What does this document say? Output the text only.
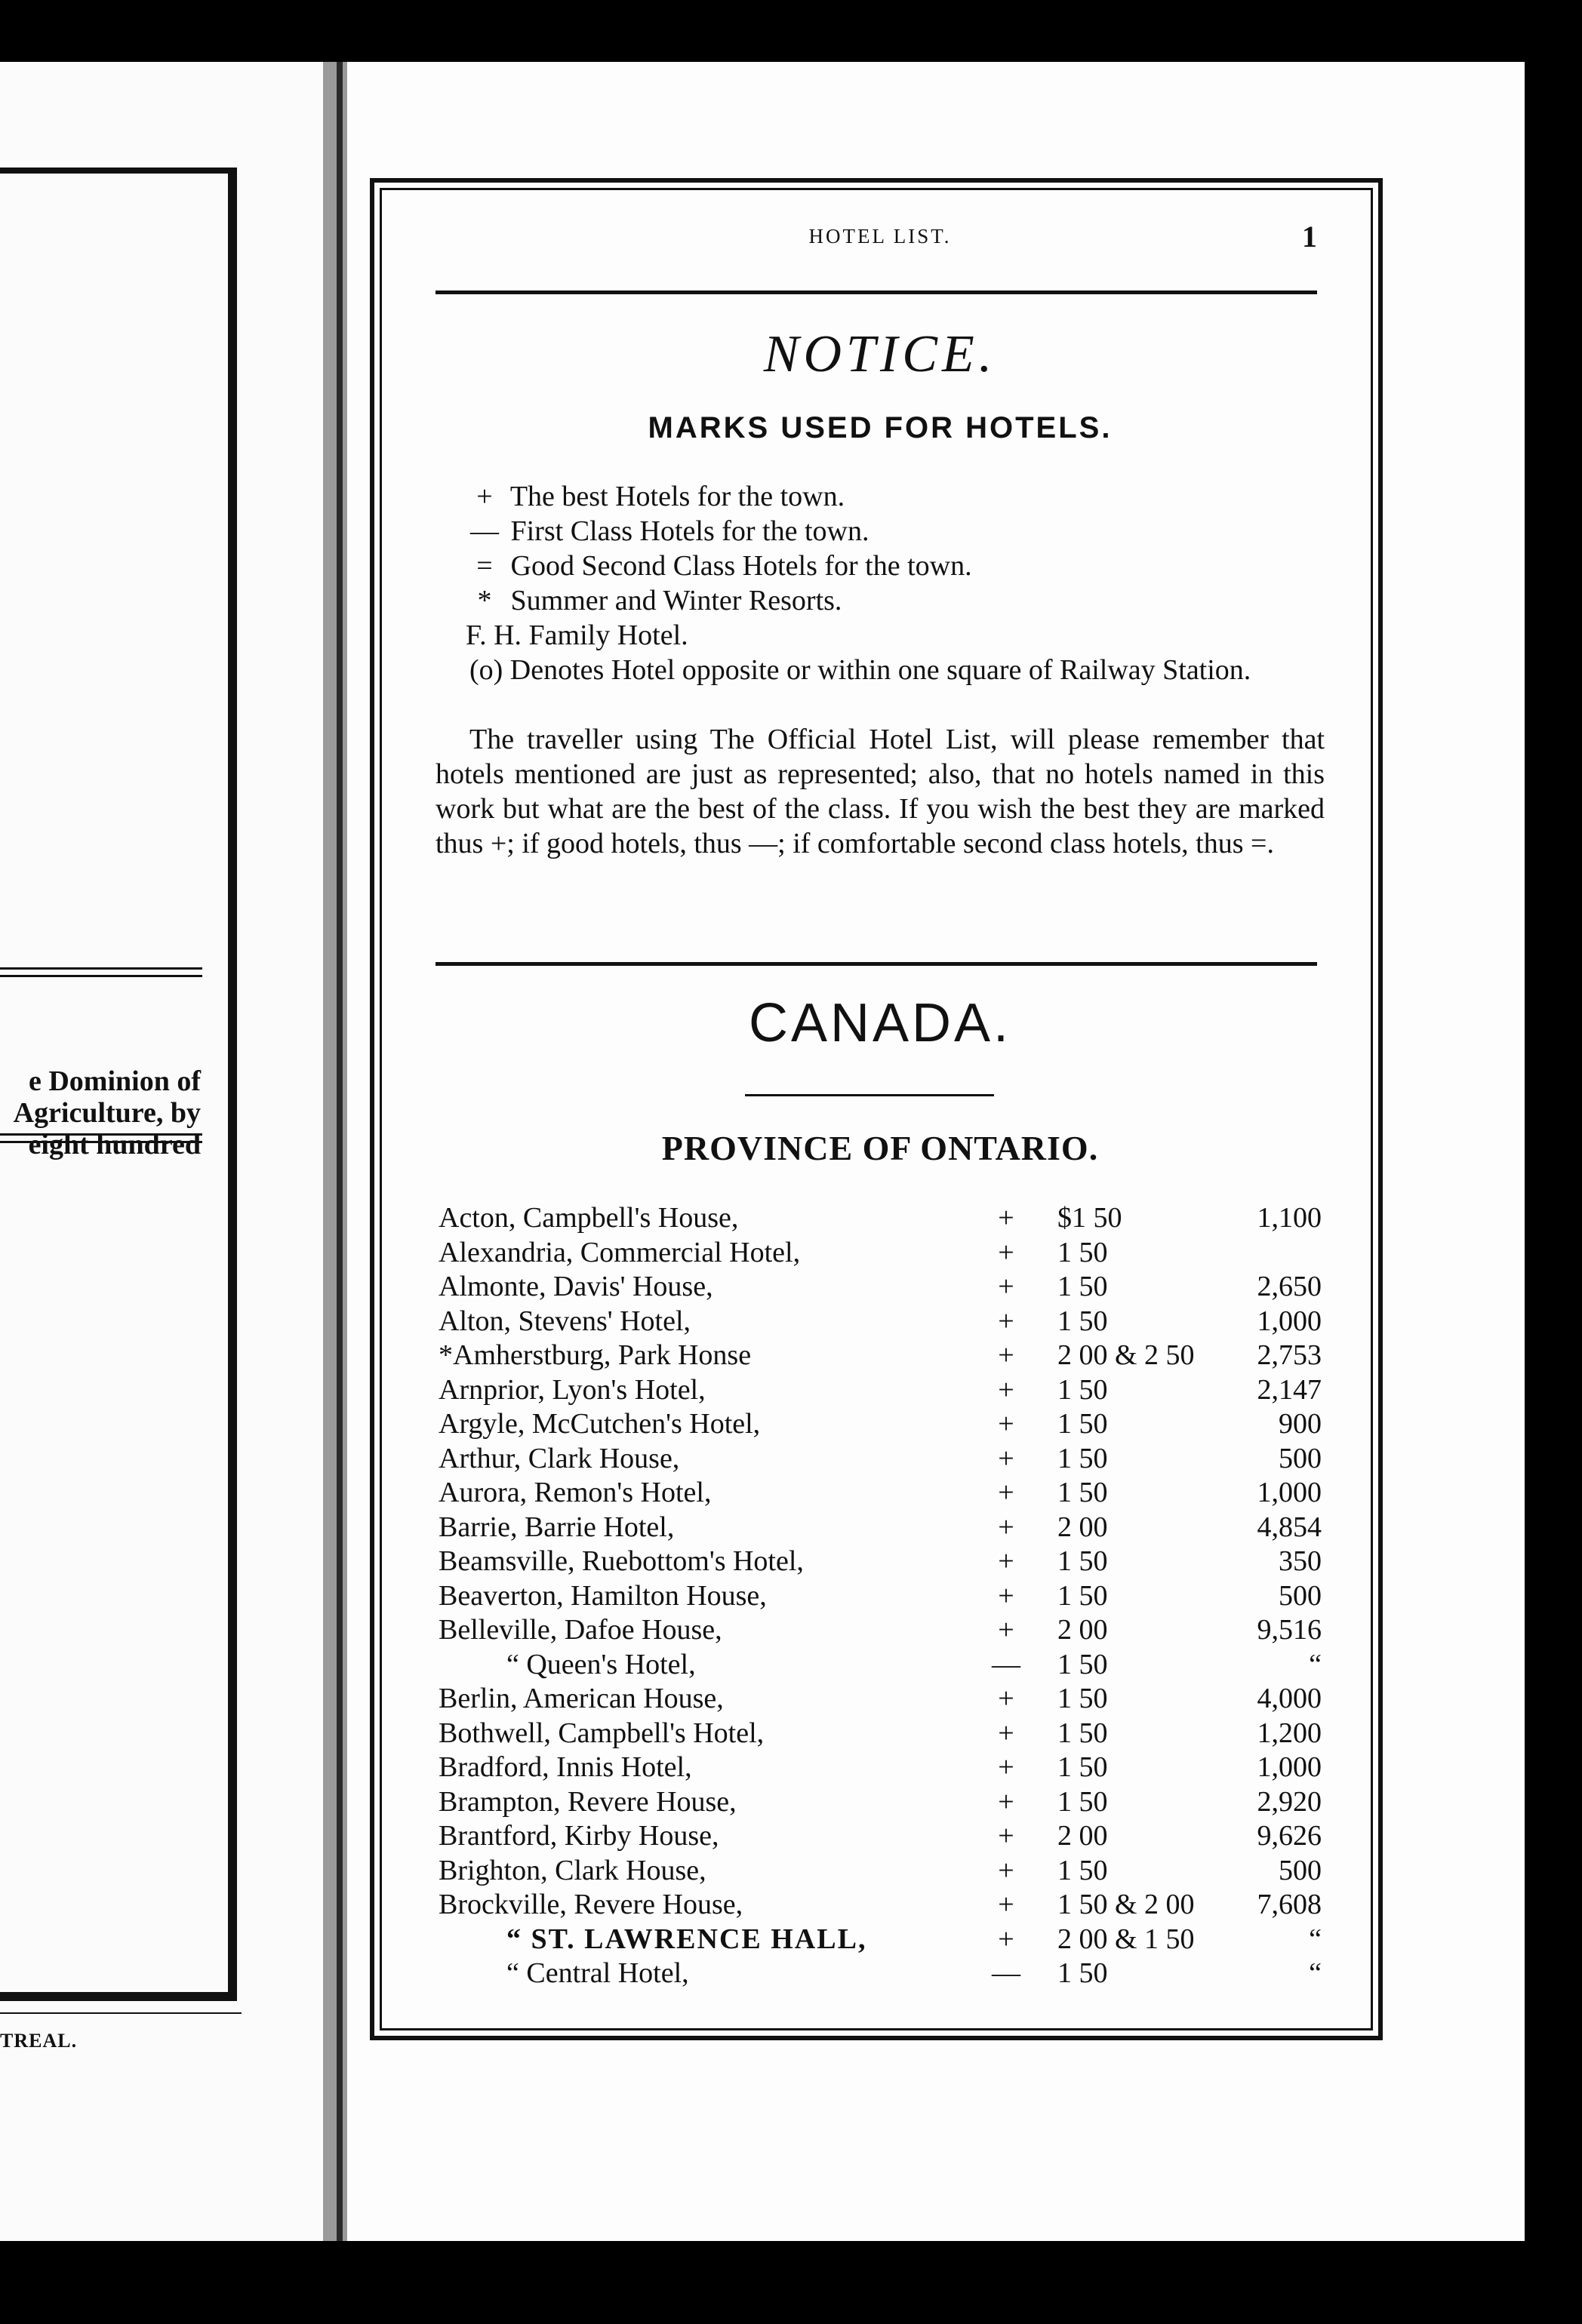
e Dominion of
Agriculture, by
eight hundred
TREAL.
HOTEL LIST.	1
NOTICE.
MARKS USED FOR HOTELS.
+ The best Hotels for the town.
— First Class Hotels for the town.
= Good Second Class Hotels for the town.
* Summer and Winter Resorts.
F. H. Family Hotel.
(o) Denotes Hotel opposite or within one square of Railway Station.
The traveller using The Official Hotel List, will please remember that hotels mentioned are just as represented; also, that no hotels named in this work but what are the best of the class. If you wish the best they are marked thus +; if good hotels, thus —; if comfortable second class hotels, thus =.
CANADA.
PROVINCE OF ONTARIO.
Acton, Campbell's House,	+ $1 50	1,100
Alexandria, Commercial Hotel,	+ 1 50
Almonte, Davis' House,	+ 1 50	2,650
Alton, Stevens' Hotel,	+ 1 50	1,000
*Amherstburg, Park Honse	+ 2 00 & 2 50 2,753
Arnprior, Lyon's Hotel,	+ 1 50	2,147
Argyle, McCutchen's Hotel,	+ 1 50	900
Arthur, Clark House,	+ 1 50	500
Aurora, Remon's Hotel,	+ 1 50	1,000
Barrie, Barrie Hotel,	+ 2 00	4,854
Beamsville, Ruebottom's Hotel,	+ 1 50	350
Beaverton, Hamilton House,	+ 1 50	500
Belleville, Dafoe House,	+ 2 00	9,516
“ Queen's Hotel,	— 1 50	“
Berlin, American House,	+ 1 50	4,000
Bothwell, Campbell's Hotel,	+ 1 50	1,200
Bradford, Innis Hotel,	+ 1 50	1,000
Brampton, Revere House,	+ 1 50	2,920
Brantford, Kirby House,	+ 2 00	9,626
Brighton, Clark House,	+ 1 50	500
Brockville, Revere House,	+ 1 50 & 2 00 7,608
“ ST. LAWRENCE HALL,	+ 2 00 & 1 50	“
“ Central Hotel,	— 1 50	“
